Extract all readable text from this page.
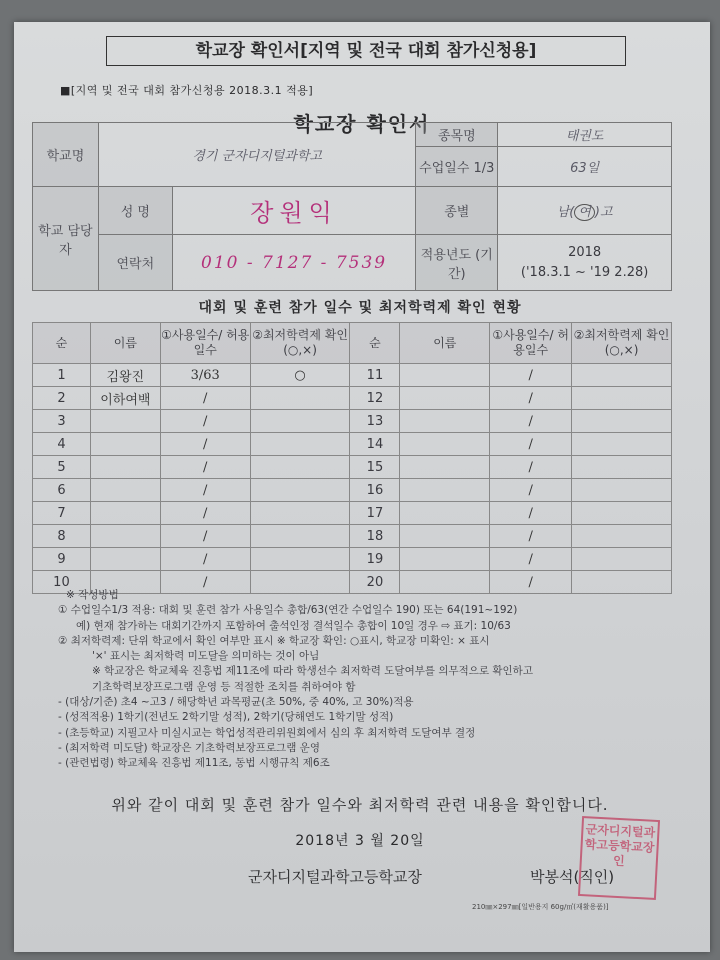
학교장 확인서[지역 및 전국 대회 참가신청용]
■[지역 및 전국 대회 참가신청용 2018.3.1 적용]
학교장 확인서
학교명	경기 군자디지털과학고		종목명	태권도
			수업일수 1/3	63일
학교 담당자	성 명	장원익	종별	남( 여 )고
	연락처	010 - 7127 - 7539	적용년도 (기간)	2018
('18.3.1 ~ '19 2.28)
대회 및 훈련 참가 일수 및 최저학력제 확인 현황
순	이름	①사용일수/ 허용일수	②최저학력제 확인(○,×)	순	이름	①사용일수/ 허용일수	②최저학력제 확인(○,×)
1	김왕진	3/63	○	11		/	
2	이하여백	/		12		/	
3		/		13		/	
4		/		14		/	
5		/		15		/	
6		/		16		/	
7		/		17		/	
8		/		18		/	
9		/		19		/	
10		/		20		/	
※ 작성방법
① 수업일수1/3 적용: 대회 및 훈련 참가 사용일수 총합/63(연간 수업일수 190) 또는 64(191~192)
예) 현재 참가하는 대회기간까지 포함하여 출석인정 결석일수 총합이 10일 경우 ⇨ 표기: 10/63
② 최저학력제: 단위 학교에서 확인 여부만 표시 ※ 학교장 확인: ○표시, 학교장 미확인: × 표시
'×' 표시는 최저학력 미도달을 의미하는 것이 아님
※ 학교장은 학교체육 진흥법 제11조에 따라 학생선수 최저학력 도달여부를 의무적으로 확인하고
기초학력보장프로그램 운영 등 적절한 조치를 취하여야 함
- (대상/기준) 초4 ~고3 / 해당학년 과목평균(초 50%, 중 40%, 고 30%)적용
- (성적적용) 1학기(전년도 2학기말 성적), 2학기(당해연도 1학기말 성적)
- (초등학교) 지필고사 미실시교는 학업성적관리위원회에서 심의 후 최저학력 도달여부 결정
- (최저학력 미도달) 학교장은 기초학력보장프로그램 운영
- (관련법령) 학교체육 진흥법 제11조, 동법 시행규칙 제6조
위와 같이 대회 및 훈련 참가 일수와 최저학력 관련 내용을 확인합니다.
2018년 3 월 20일
군자디지털과학고등학교장	박봉석(직인)
군자디지털과학고등학교장인
210㎜×297㎜[일반용지 60g/㎡(재활용품)]
